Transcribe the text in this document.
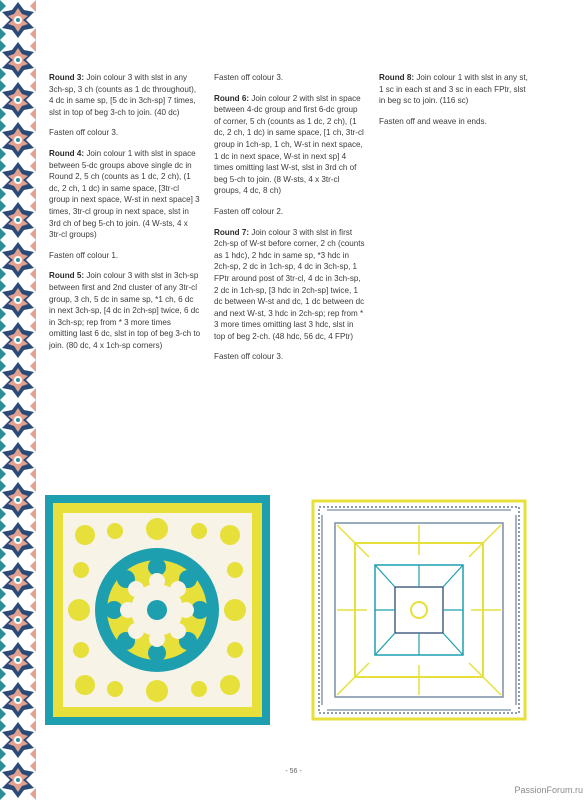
Round 3: Join colour 3 with slst in any 3ch-sp, 3 ch (counts as 1 dc throughout), 4 dc in same sp, [5 dc in 3ch-sp] 7 times, slst in top of beg 3-ch to join. (40 dc)

Fasten off colour 3.

Round 4: Join colour 1 with slst in space between 5-dc groups above single dc in Round 2, 5 ch (counts as 1 dc, 2 ch), (1 dc, 2 ch, 1 dc) in same space, [3tr-cl group in next space, W-st in next space] 3 times, 3tr-cl group in next space, slst in 3rd ch of beg 5-ch to join. (4 W-sts, 4 x 3tr-cl groups)

Fasten off colour 1.

Round 5: Join colour 3 with slst in 3ch-sp between first and 2nd cluster of any 3tr-cl group, 3 ch, 5 dc in same sp, *1 ch, 6 dc in next 3ch-sp, [4 dc in 2ch-sp] twice, 6 dc in 3ch-sp; rep from * 3 more times omitting last 6 dc, slst in top of beg 3-ch to join. (80 dc, 4 x 1ch-sp corners)

Fasten off colour 3.

Round 6: Join colour 2 with slst in space between 4-dc group and first 6-dc group of corner, 5 ch (counts as 1 dc, 2 ch), (1 dc, 2 ch, 1 dc) in same space, [1 ch, 3tr-cl group in 1ch-sp, 1 ch, W-st in next space, 1 dc in next space, W-st in next sp] 4 times omitting last W-st, slst in 3rd ch of beg 5-ch to join. (8 W-sts, 4 x 3tr-cl groups, 4 dc, 8 ch)

Fasten off colour 2.

Round 7: Join colour 3 with slst in first 2ch-sp of W-st before corner, 2 ch (counts as 1 hdc), 2 hdc in same sp, *3 hdc in 2ch-sp, 2 dc in 1ch-sp, 4 dc in 3ch-sp, 1 FPtr around post of 3tr-cl, 4 dc in 3ch-sp, 2 dc in 1ch-sp, [3 hdc in 2ch-sp] twice, 1 dc between W-st and dc, 1 dc between dc and next W-st, 3 hdc in 2ch-sp; rep from * 3 more times omitting last 3 hdc, slst in top of beg 2-ch. (48 hdc, 56 dc, 4 FPtr)

Fasten off colour 3.

Round 8: Join colour 1 with slst in any st, 1 sc in each st and 3 sc in each FPtr, slst in beg sc to join. (116 sc)

Fasten off and weave in ends.

- 56 -
PassionForum.ru
